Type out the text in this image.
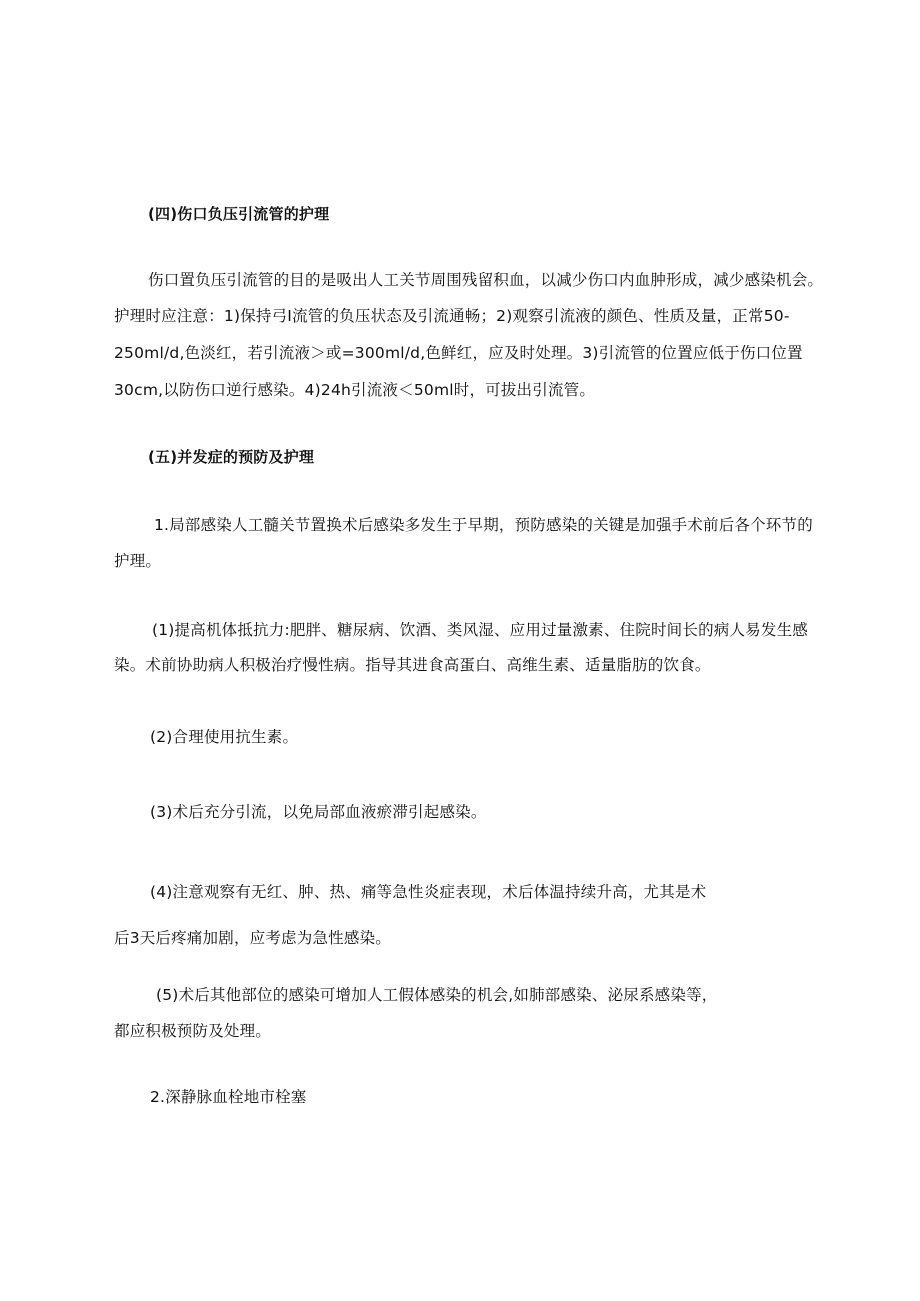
(四)伤口负压引流管的护理
伤口置负压引流管的目的是吸出人工关节周围残留积血，以减少伤口内血肿形成，减少感染机会。
护理时应注意：1)保持弓I流管的负压状态及引流通畅；2)观察引流液的颜色、性质及量，正常50-
250ml∕d,色淡红，若引流液＞或=300ml∕d,色鲜红，应及时处理。3)引流管的位置应低于伤口位置
30cm,以防伤口逆行感染。4)24h引流液＜50ml时，可拔出引流管。
(五)并发症的预防及护理
1.局部感染人工髓关节置换术后感染多发生于早期，预防感染的关键是加强手术前后各个环节的
护理。
(1)提高机体抵抗力:肥胖、糖尿病、饮酒、类风湿、应用过量激素、住院时间长的病人易发生感
染。术前协助病人积极治疗慢性病。指导其进食高蛋白、高维生素、适量脂肪的饮食。
(2)合理使用抗生素。
(3)术后充分引流，以免局部血液瘀滞引起感染。
(4)注意观察有无红、肿、热、痛等急性炎症表现，术后体温持续升高，尤其是术
后3天后疼痛加剧，应考虑为急性感染。
(5)术后其他部位的感染可增加人工假体感染的机会,如肺部感染、泌尿系感染等，
都应积极预防及处理。
2.深静脉血栓地市栓塞
